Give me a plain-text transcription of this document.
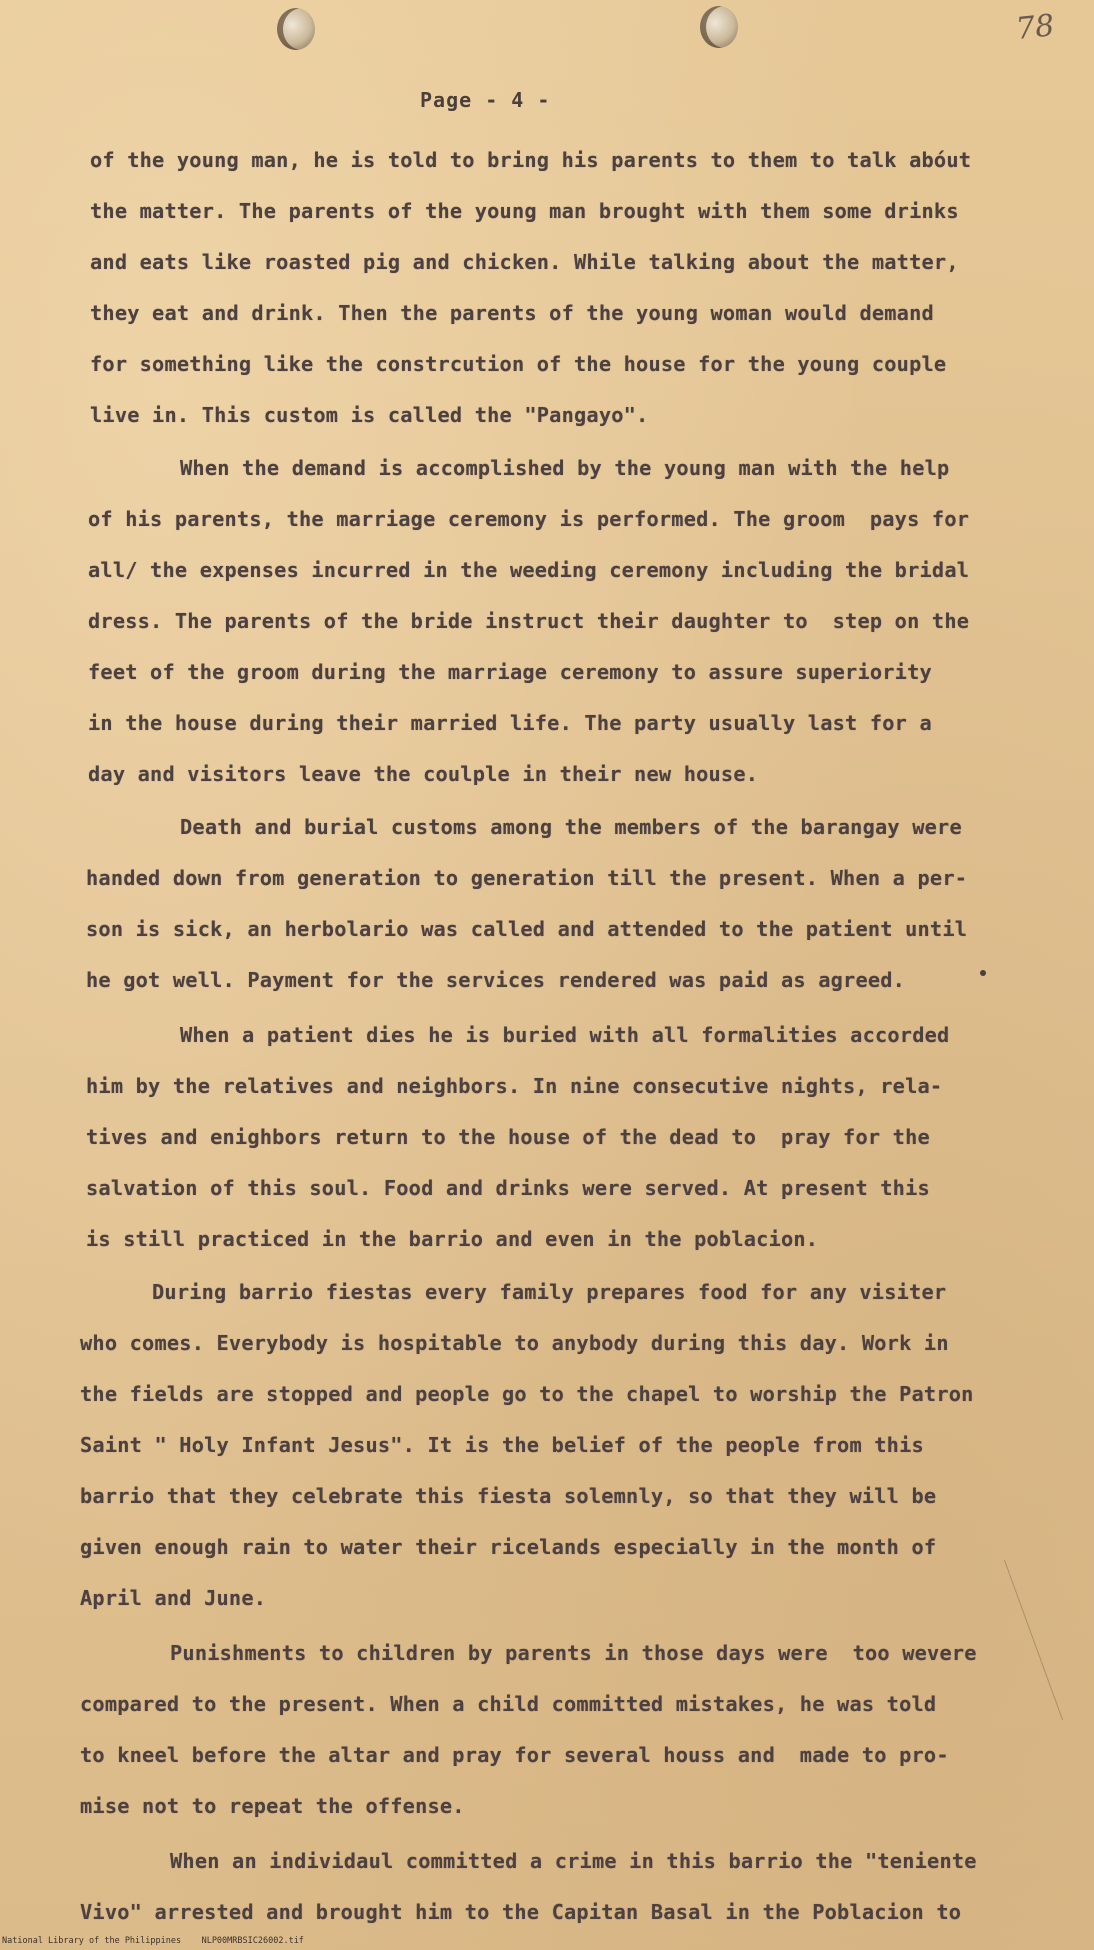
78
Page - 4 -
of the young man, he is told to bring his parents to them to talk abóut
the matter. The parents of the young man brought with them some drinks
and eats like roasted pig and chicken. While talking about the matter,
they eat and drink. Then the parents of the young woman would demand
for something like the constrcution of the house for the young couple
live in. This custom is called the "Pangayo".
When the demand is accomplished by the young man with the help
of his parents, the marriage ceremony is performed. The groom  pays for
all/ the expenses incurred in the weeding ceremony including the bridal
dress. The parents of the bride instruct their daughter to  step on the
feet of the groom during the marriage ceremony to assure superiority
in the house during their married life. The party usually last for a
day and visitors leave the coulple in their new house.
Death and burial customs among the members of the barangay were
handed down from generation to generation till the present. When a per-
son is sick, an herbolario was called and attended to the patient until
he got well. Payment for the services rendered was paid as agreed.
When a patient dies he is buried with all formalities accorded
him by the relatives and neighbors. In nine consecutive nights, rela-
tives and enighbors return to the house of the dead to  pray for the
salvation of this soul. Food and drinks were served. At present this
is still practiced in the barrio and even in the poblacion.
During barrio fiestas every family prepares food for any visiter
who comes. Everybody is hospitable to anybody during this day. Work in
the fields are stopped and people go to the chapel to worship the Patron
Saint " Holy Infant Jesus". It is the belief of the people from this
barrio that they celebrate this fiesta solemnly, so that they will be
given enough rain to water their ricelands especially in the month of
April and June.
Punishments to children by parents in those days were  too wevere
compared to the present. When a child committed mistakes, he was told
to kneel before the altar and pray for several houss and  made to pro-
mise not to repeat the offense.
When an individaul committed a crime in this barrio the "teniente
Vivo" arrested and brought him to the Capitan Basal in the Poblacion to
National Library of the Philippines    NLP00MRBSIC26002.tif
